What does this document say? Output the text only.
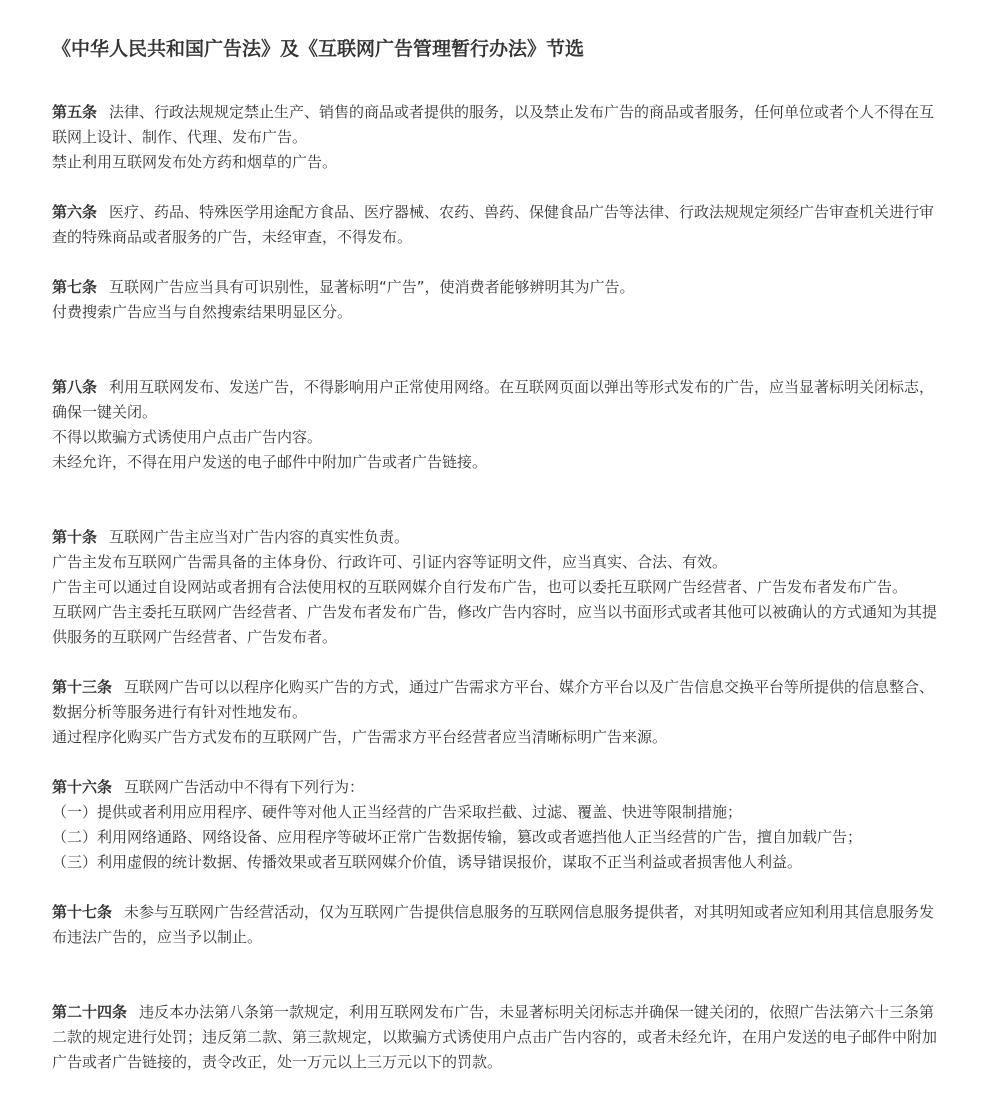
《中华人民共和国广告法》及《互联网广告管理暂行办法》节选

第五条 法律、行政法规规定禁止生产、销售的商品或者提供的服务，以及禁止发布广告的商品或者服务，任何单位或者个人不得在互联网上设计、制作、代理、发布广告。

禁止利用互联网发布处方药和烟草的广告。

第六条 医疗、药品、特殊医学用途配方食品、医疗器械、农药、兽药、保健食品广告等法律、行政法规规定须经广告审查机关进行审查的特殊商品或者服务的广告，未经审查，不得发布。

第七条 互联网广告应当具有可识别性，显著标明“广告”，使消费者能够辨明其为广告。

付费搜索广告应当与自然搜索结果明显区分。

第八条 利用互联网发布、发送广告，不得影响用户正常使用网络。在互联网页面以弹出等形式发布的广告，应当显著标明关闭标志，确保一键关闭。

不得以欺骗方式诱使用户点击广告内容。

未经允许，不得在用户发送的电子邮件中附加广告或者广告链接。

第十条 互联网广告主应当对广告内容的真实性负责。

广告主发布互联网广告需具备的主体身份、行政许可、引证内容等证明文件，应当真实、合法、有效。

广告主可以通过自设网站或者拥有合法使用权的互联网媒介自行发布广告，也可以委托互联网广告经营者、广告发布者发布广告。

互联网广告主委托互联网广告经营者、广告发布者发布广告，修改广告内容时，应当以书面形式或者其他可以被确认的方式通知为其提供服务的互联网广告经营者、广告发布者。

第十三条 互联网广告可以以程序化购买广告的方式，通过广告需求方平台、媒介方平台以及广告信息交换平台等所提供的信息整合、数据分析等服务进行有针对性地发布。

通过程序化购买广告方式发布的互联网广告，广告需求方平台经营者应当清晰标明广告来源。

第十六条 互联网广告活动中不得有下列行为：

（一）提供或者利用应用程序、硬件等对他人正当经营的广告采取拦截、过滤、覆盖、快进等限制措施；

（二）利用网络通路、网络设备、应用程序等破坏正常广告数据传输，篡改或者遮挡他人正当经营的广告，擅自加载广告；

（三）利用虚假的统计数据、传播效果或者互联网媒介价值，诱导错误报价，谋取不正当利益或者损害他人利益。

第十七条 未参与互联网广告经营活动，仅为互联网广告提供信息服务的互联网信息服务提供者，对其明知或者应知利用其信息服务发布违法广告的，应当予以制止。

第二十四条 违反本办法第八条第一款规定，利用互联网发布广告，未显著标明关闭标志并确保一键关闭的，依照广告法第六十三条第二款的规定进行处罚；违反第二款、第三款规定，以欺骗方式诱使用户点击广告内容的，或者未经允许，在用户发送的电子邮件中附加广告或者广告链接的，责令改正，处一万元以上三万元以下的罚款。
